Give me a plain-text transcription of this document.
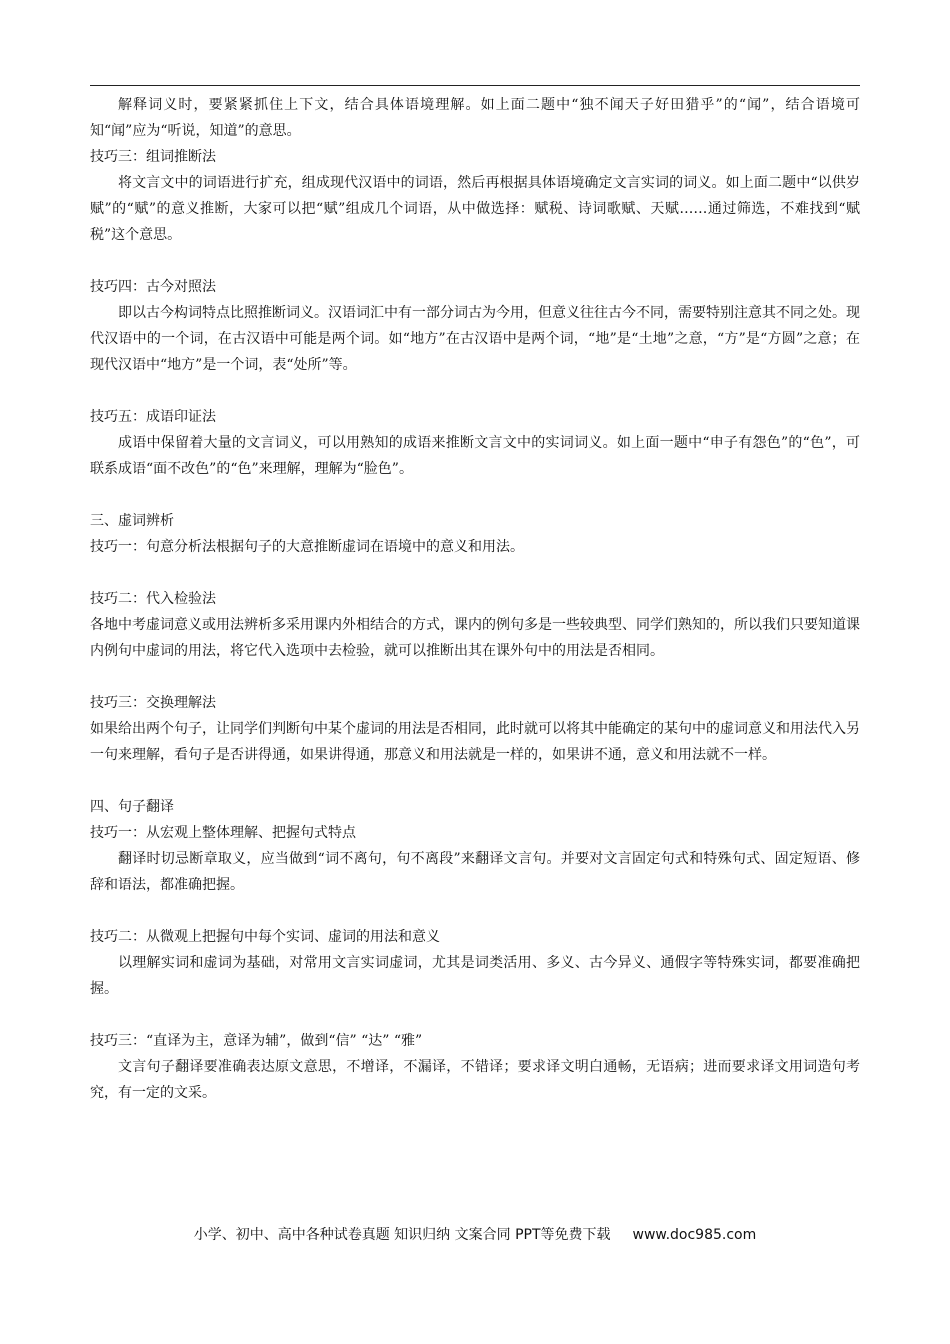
解释词义时，要紧紧抓住上下文，结合具体语境理解。如上面二题中“独不闻天子好田猎乎”的“闻”，结合语境可知“闻”应为“听说，知道”的意思。

技巧三：组词推断法

将文言文中的词语进行扩充，组成现代汉语中的词语，然后再根据具体语境确定文言实词的词义。如上面二题中“以供岁赋”的“赋”的意义推断，大家可以把“赋”组成几个词语，从中做选择：赋税、诗词歌赋、天赋……通过筛选，不难找到“赋税”这个意思。

技巧四：古今对照法

即以古今构词特点比照推断词义。汉语词汇中有一部分词古为今用，但意义往往古今不同，需要特别注意其不同之处。现代汉语中的一个词，在古汉语中可能是两个词。如“地方”在古汉语中是两个词，“地”是“土地”之意，“方”是“方圆”之意；在现代汉语中“地方”是一个词，表“处所”等。

技巧五：成语印证法

成语中保留着大量的文言词义，可以用熟知的成语来推断文言文中的实词词义。如上面一题中“申子有怨色”的“色”，可联系成语“面不改色”的“色”来理解，理解为“脸色”。

三、虚词辨析

技巧一：句意分析法根据句子的大意推断虚词在语境中的意义和用法。

技巧二：代入检验法

各地中考虚词意义或用法辨析多采用课内外相结合的方式，课内的例句多是一些较典型、同学们熟知的，所以我们只要知道课内例句中虚词的用法，将它代入选项中去检验，就可以推断出其在课外句中的用法是否相同。

技巧三：交换理解法

如果给出两个句子，让同学们判断句中某个虚词的用法是否相同，此时就可以将其中能确定的某句中的虚词意义和用法代入另一句来理解，看句子是否讲得通，如果讲得通，那意义和用法就是一样的，如果讲不通，意义和用法就不一样。

四、句子翻译

技巧一：从宏观上整体理解、把握句式特点

翻译时切忌断章取义，应当做到“词不离句，句不离段”来翻译文言句。并要对文言固定句式和特殊句式、固定短语、修辞和语法，都准确把握。

技巧二：从微观上把握句中每个实词、虚词的用法和意义

以理解实词和虚词为基础，对常用文言实词虚词，尤其是词类活用、多义、古今异义、通假字等特殊实词，都要准确把握。

技巧三：“直译为主，意译为辅”，做到“信” “达” “雅”

文言句子翻译要准确表达原文意思，不增译，不漏译，不错译；要求译文明白通畅，无语病；进而要求译文用词造句考究，有一定的文采。

小学、初中、高中各种试卷真题 知识归纳 文案合同 PPT等免费下载 www.doc985.com
